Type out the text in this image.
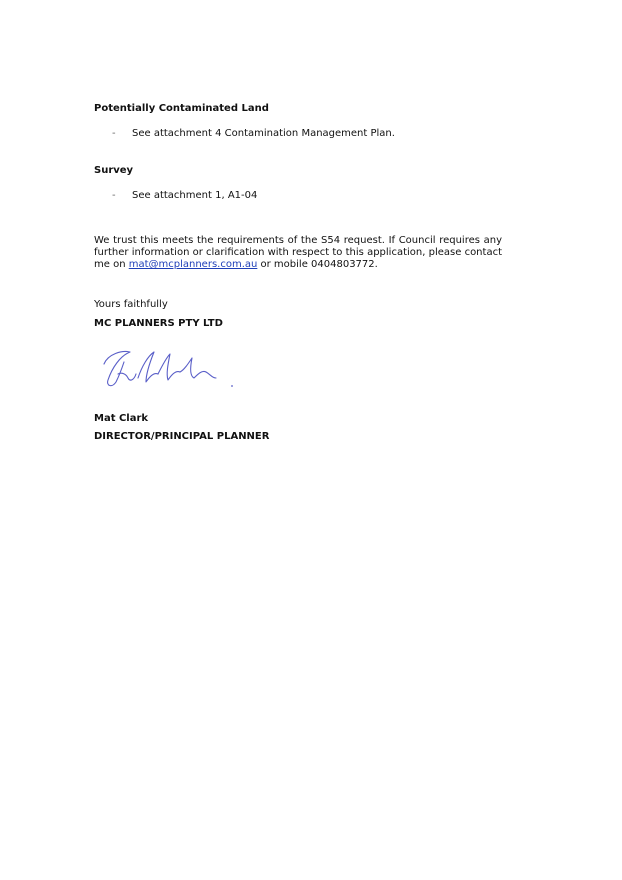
Potentially Contaminated Land
- See attachment 4 Contamination Management Plan.
Survey
- See attachment 1, A1-04
We trust this meets the requirements of the S54 request. If Council requires any further information or clarification with respect to this application, please contact me on mat@mcplanners.com.au or mobile 0404803772.
Yours faithfully
MC PLANNERS PTY LTD
Mat Clark
DIRECTOR/PRINCIPAL PLANNER
